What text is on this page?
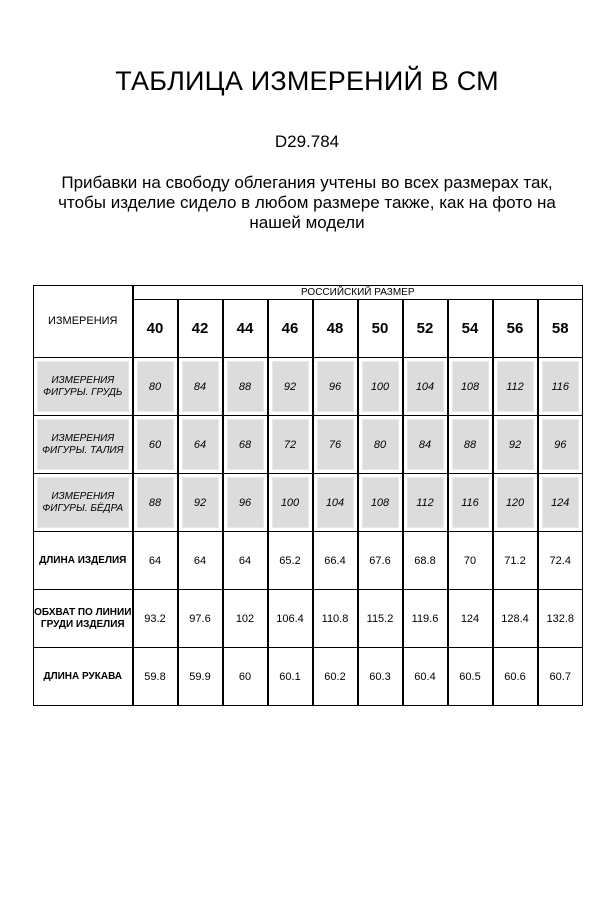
ТАБЛИЦА ИЗМЕРЕНИЙ В СМ
D29.784
Прибавки на свободу облегания учтены во всех размерах так, чтобы изделие сидело в любом размере также, как на фото на нашей модели
ИЗМЕРЕНИЯ	РОССИЙСКИЙ РАЗМЕР									
	40	42	44	46	48	50	52	54	56	58

ИЗМЕРЕНИЯ ФИГУРЫ. ГРУДЬ	80	84	88	92	96	100	104	108	112	116

ИЗМЕРЕНИЯ ФИГУРЫ. ТАЛИЯ	60	64	68	72	76	80	84	88	92	96

ИЗМЕРЕНИЯ ФИГУРЫ. БЁДРА	88	92	96	100	104	108	112	116	120	124

ДЛИНА ИЗДЕЛИЯ	64	64	64	65.2	66.4	67.6	68.8	70	71.2	72.4
ОБХВАТ ПО ЛИНИИ ГРУДИ ИЗДЕЛИЯ	93.2	97.6	102	106.4	110.8	115.2	119.6	124	128.4	132.8
ДЛИНА РУКАВА	59.8	59.9	60	60.1	60.2	60.3	60.4	60.5	60.6	60.7
